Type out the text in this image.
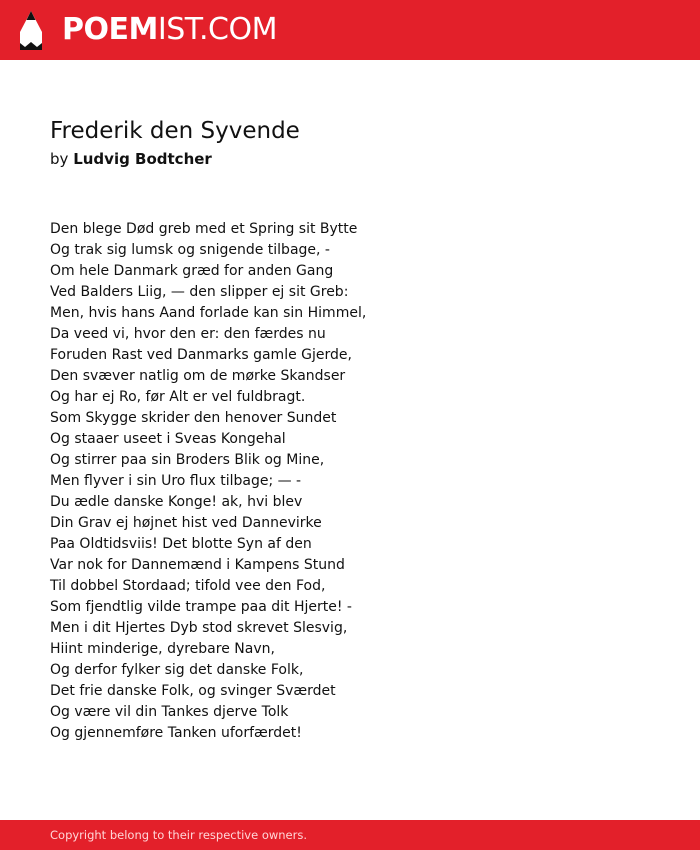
POEMIST.COM
Frederik den Syvende
by Ludvig Bodtcher
Den blege Død greb med et Spring sit Bytte
Og trak sig lumsk og snigende tilbage, -
Om hele Danmark græd for anden Gang
Ved Balders Liig, — den slipper ej sit Greb:
Men, hvis hans Aand forlade kan sin Himmel,
Da veed vi, hvor den er: den færdes nu
Foruden Rast ved Danmarks gamle Gjerde,
Den svæver natlig om de mørke Skandser
Og har ej Ro, før Alt er vel fuldbragt.
Som Skygge skrider den henover Sundet
Og staaer useet i Sveas Kongehal
Og stirrer paa sin Broders Blik og Mine,
Men flyver i sin Uro flux tilbage; — -
Du ædle danske Konge! ak, hvi blev
Din Grav ej højnet hist ved Dannevirke
Paa Oldtidsviis! Det blotte Syn af den
Var nok for Dannemænd i Kampens Stund
Til dobbel Stordaad; tifold vee den Fod,
Som fjendtlig vilde trampe paa dit Hjerte! -
Men i dit Hjertes Dyb stod skrevet Slesvig,
Hiint minderige, dyrebare Navn,
Og derfor fylker sig det danske Folk,
Det frie danske Folk, og svinger Sværdet
Og være vil din Tankes djerve Tolk
Og gjennemføre Tanken uforfærdet!
Copyright belong to their respective owners.
